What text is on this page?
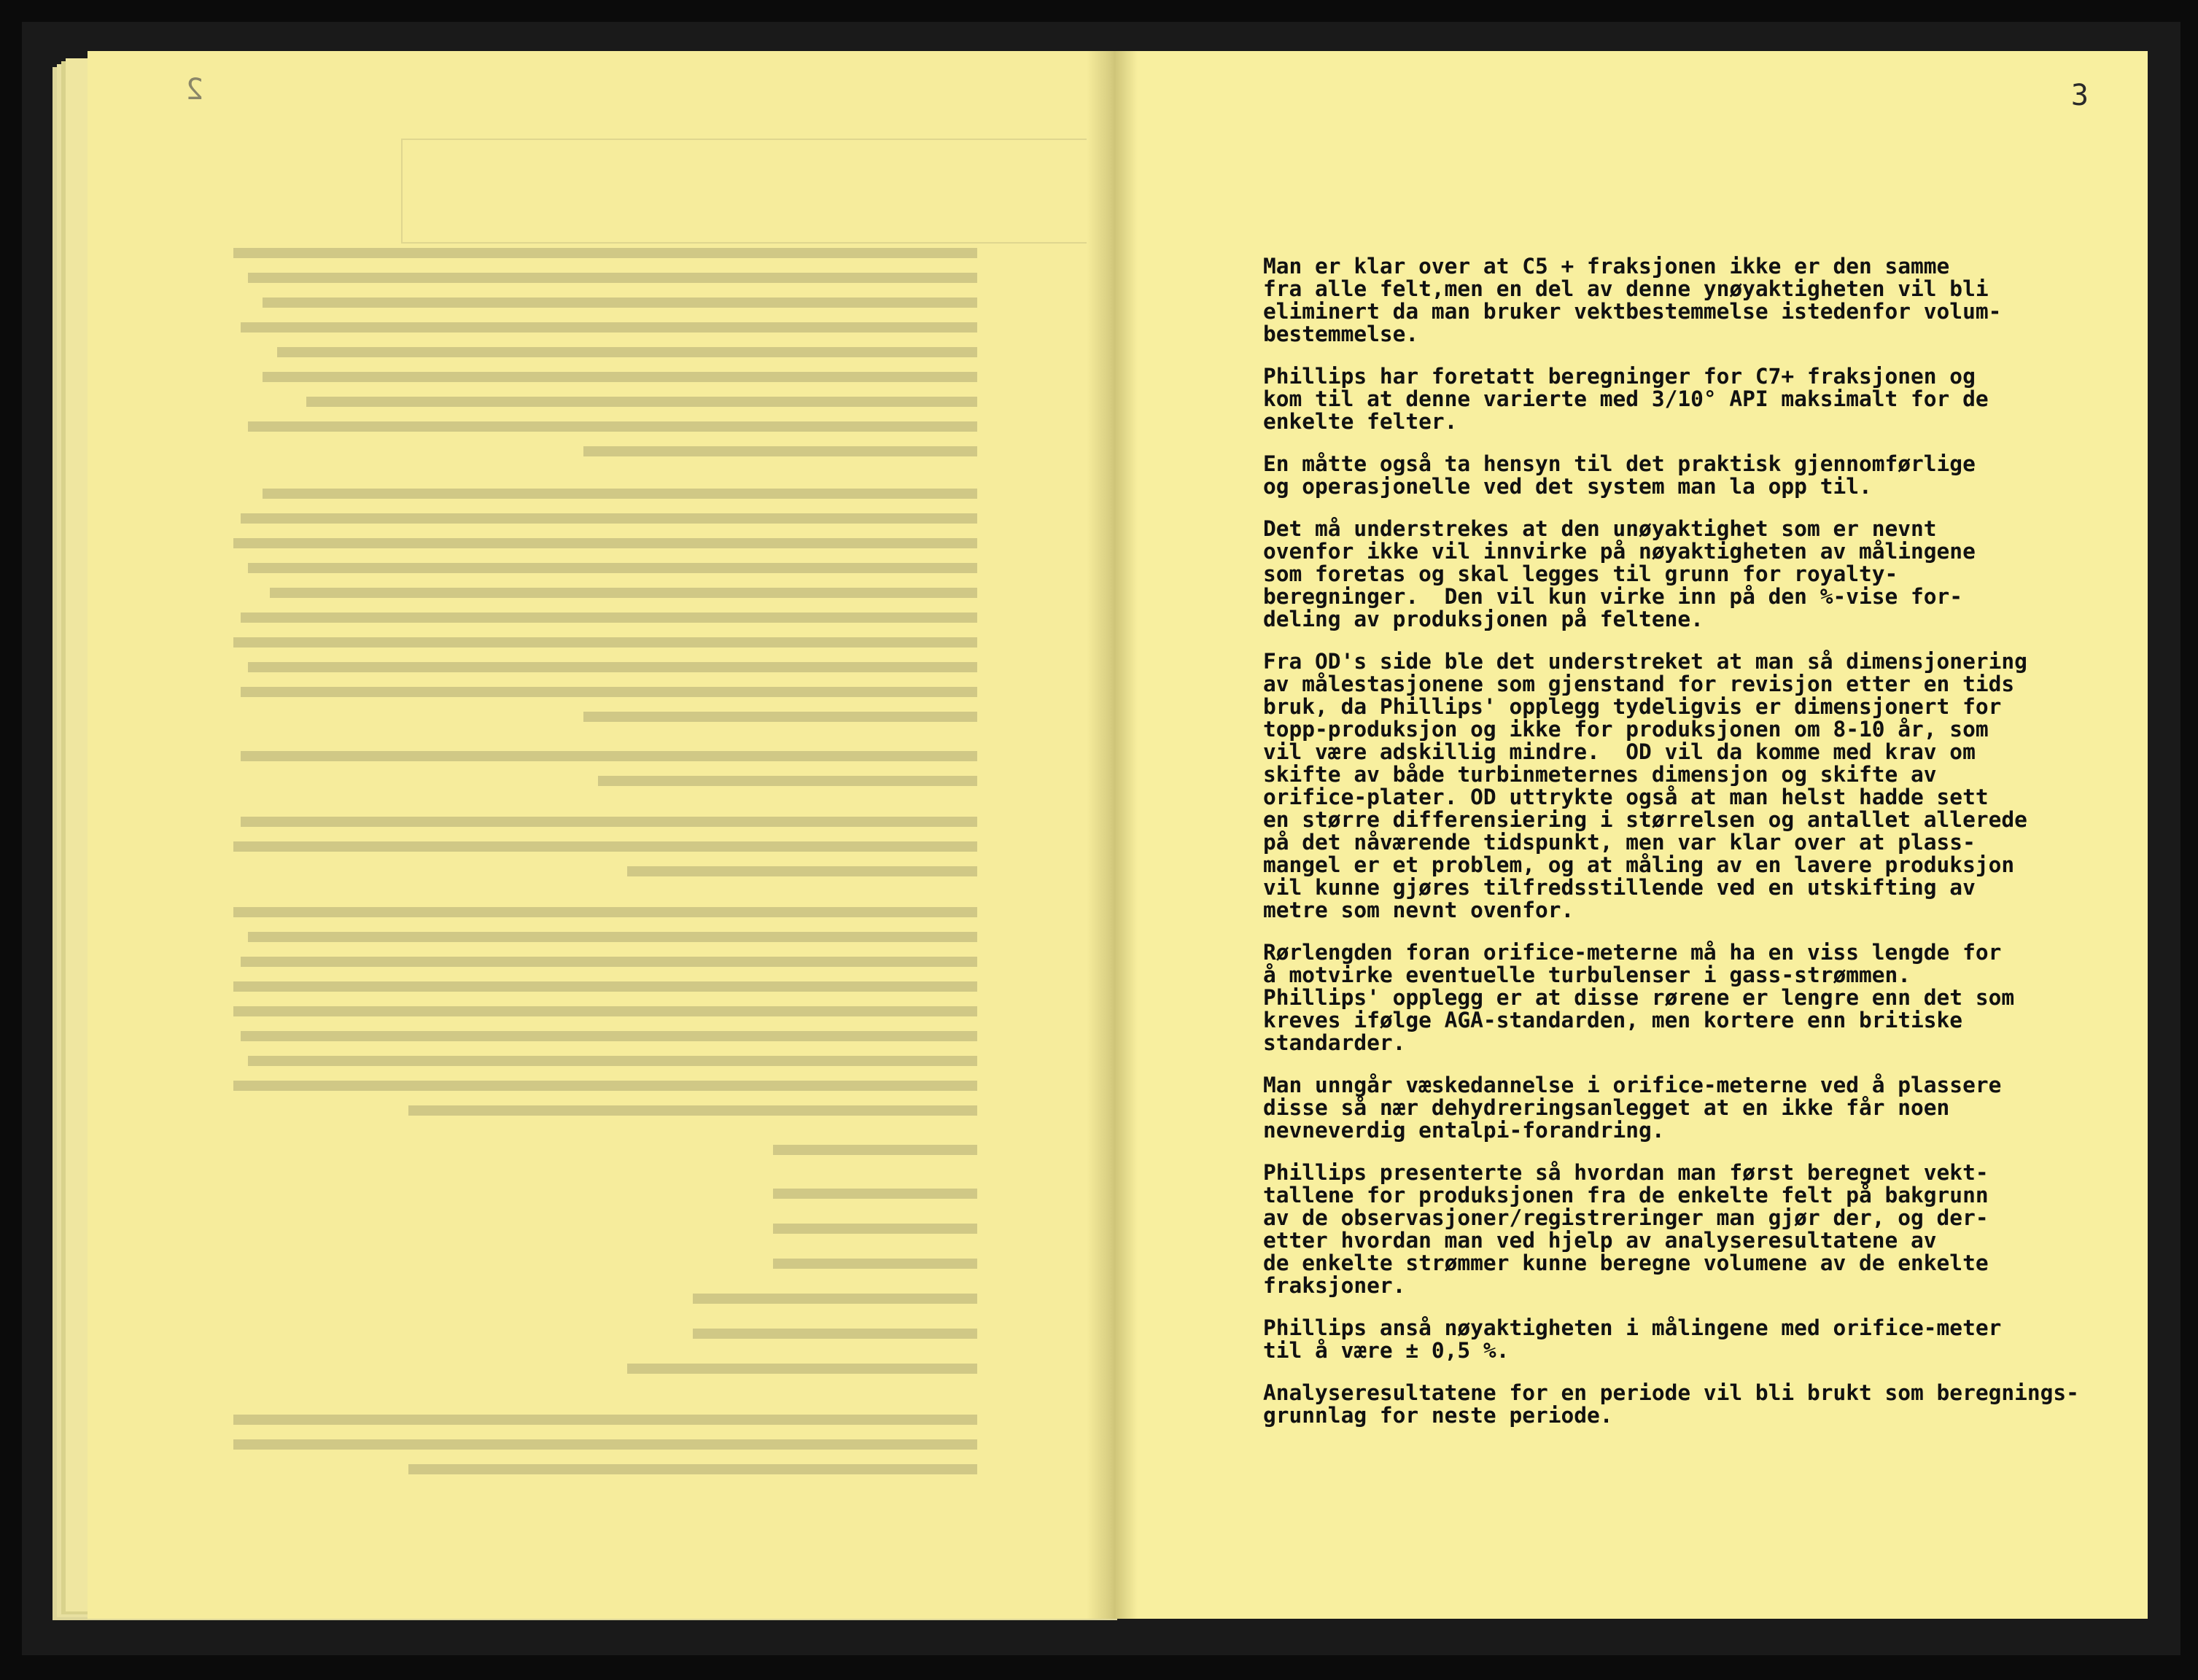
2	3

Man er klar over at C5 + fraksjonen ikke er den samme
fra alle felt,men en del av denne ynøyaktigheten vil bli
eliminert da man bruker vektbestemmelse istedenfor volum-
bestemmelse.

Phillips har foretatt beregninger for C7+ fraksjonen og
kom til at denne varierte med 3/10° API maksimalt for de
enkelte felter.

En måtte også ta hensyn til det praktisk gjennomførlige
og operasjonelle ved det system man la opp til.

Det må understrekes at den unøyaktighet som er nevnt
ovenfor ikke vil innvirke på nøyaktigheten av målingene
som foretas og skal legges til grunn for royalty-
beregninger.  Den vil kun virke inn på den %-vise for-
deling av produksjonen på feltene.

Fra OD's side ble det understreket at man så dimensjonering
av målestasjonene som gjenstand for revisjon etter en tids
bruk, da Phillips' opplegg tydeligvis er dimensjonert for
topp-produksjon og ikke for produksjonen om 8-10 år, som
vil være adskillig mindre.  OD vil da komme med krav om
skifte av både turbinmeternes dimensjon og skifte av
orifice-plater. OD uttrykte også at man helst hadde sett
en større differensiering i størrelsen og antallet allerede
på det nåværende tidspunkt, men var klar over at plass-
mangel er et problem, og at måling av en lavere produksjon
vil kunne gjøres tilfredsstillende ved en utskifting av
metre som nevnt ovenfor.

Rørlengden foran orifice-meterne må ha en viss lengde for
å motvirke eventuelle turbulenser i gass-strømmen.

Phillips' opplegg er at disse rørene er lengre enn det som
kreves ifølge AGA-standarden, men kortere enn britiske
standarder.

Man unngår væskedannelse i orifice-meterne ved å plassere
disse så nær dehydreringsanlegget at en ikke får noen
nevneverdig entalpi-forandring.

Phillips presenterte så hvordan man først beregnet vekt-
tallene for produksjonen fra de enkelte felt på bakgrunn
av de observasjoner/registreringer man gjør der, og der-
etter hvordan man ved hjelp av analyseresultatene av
de enkelte strømmer kunne beregne volumene av de enkelte
fraksjoner.

Phillips anså nøyaktigheten i målingene med orifice-meter
til å være ± 0,5 %.

Analyseresultatene for en periode vil bli brukt som beregnings-
grunnlag for neste periode.
